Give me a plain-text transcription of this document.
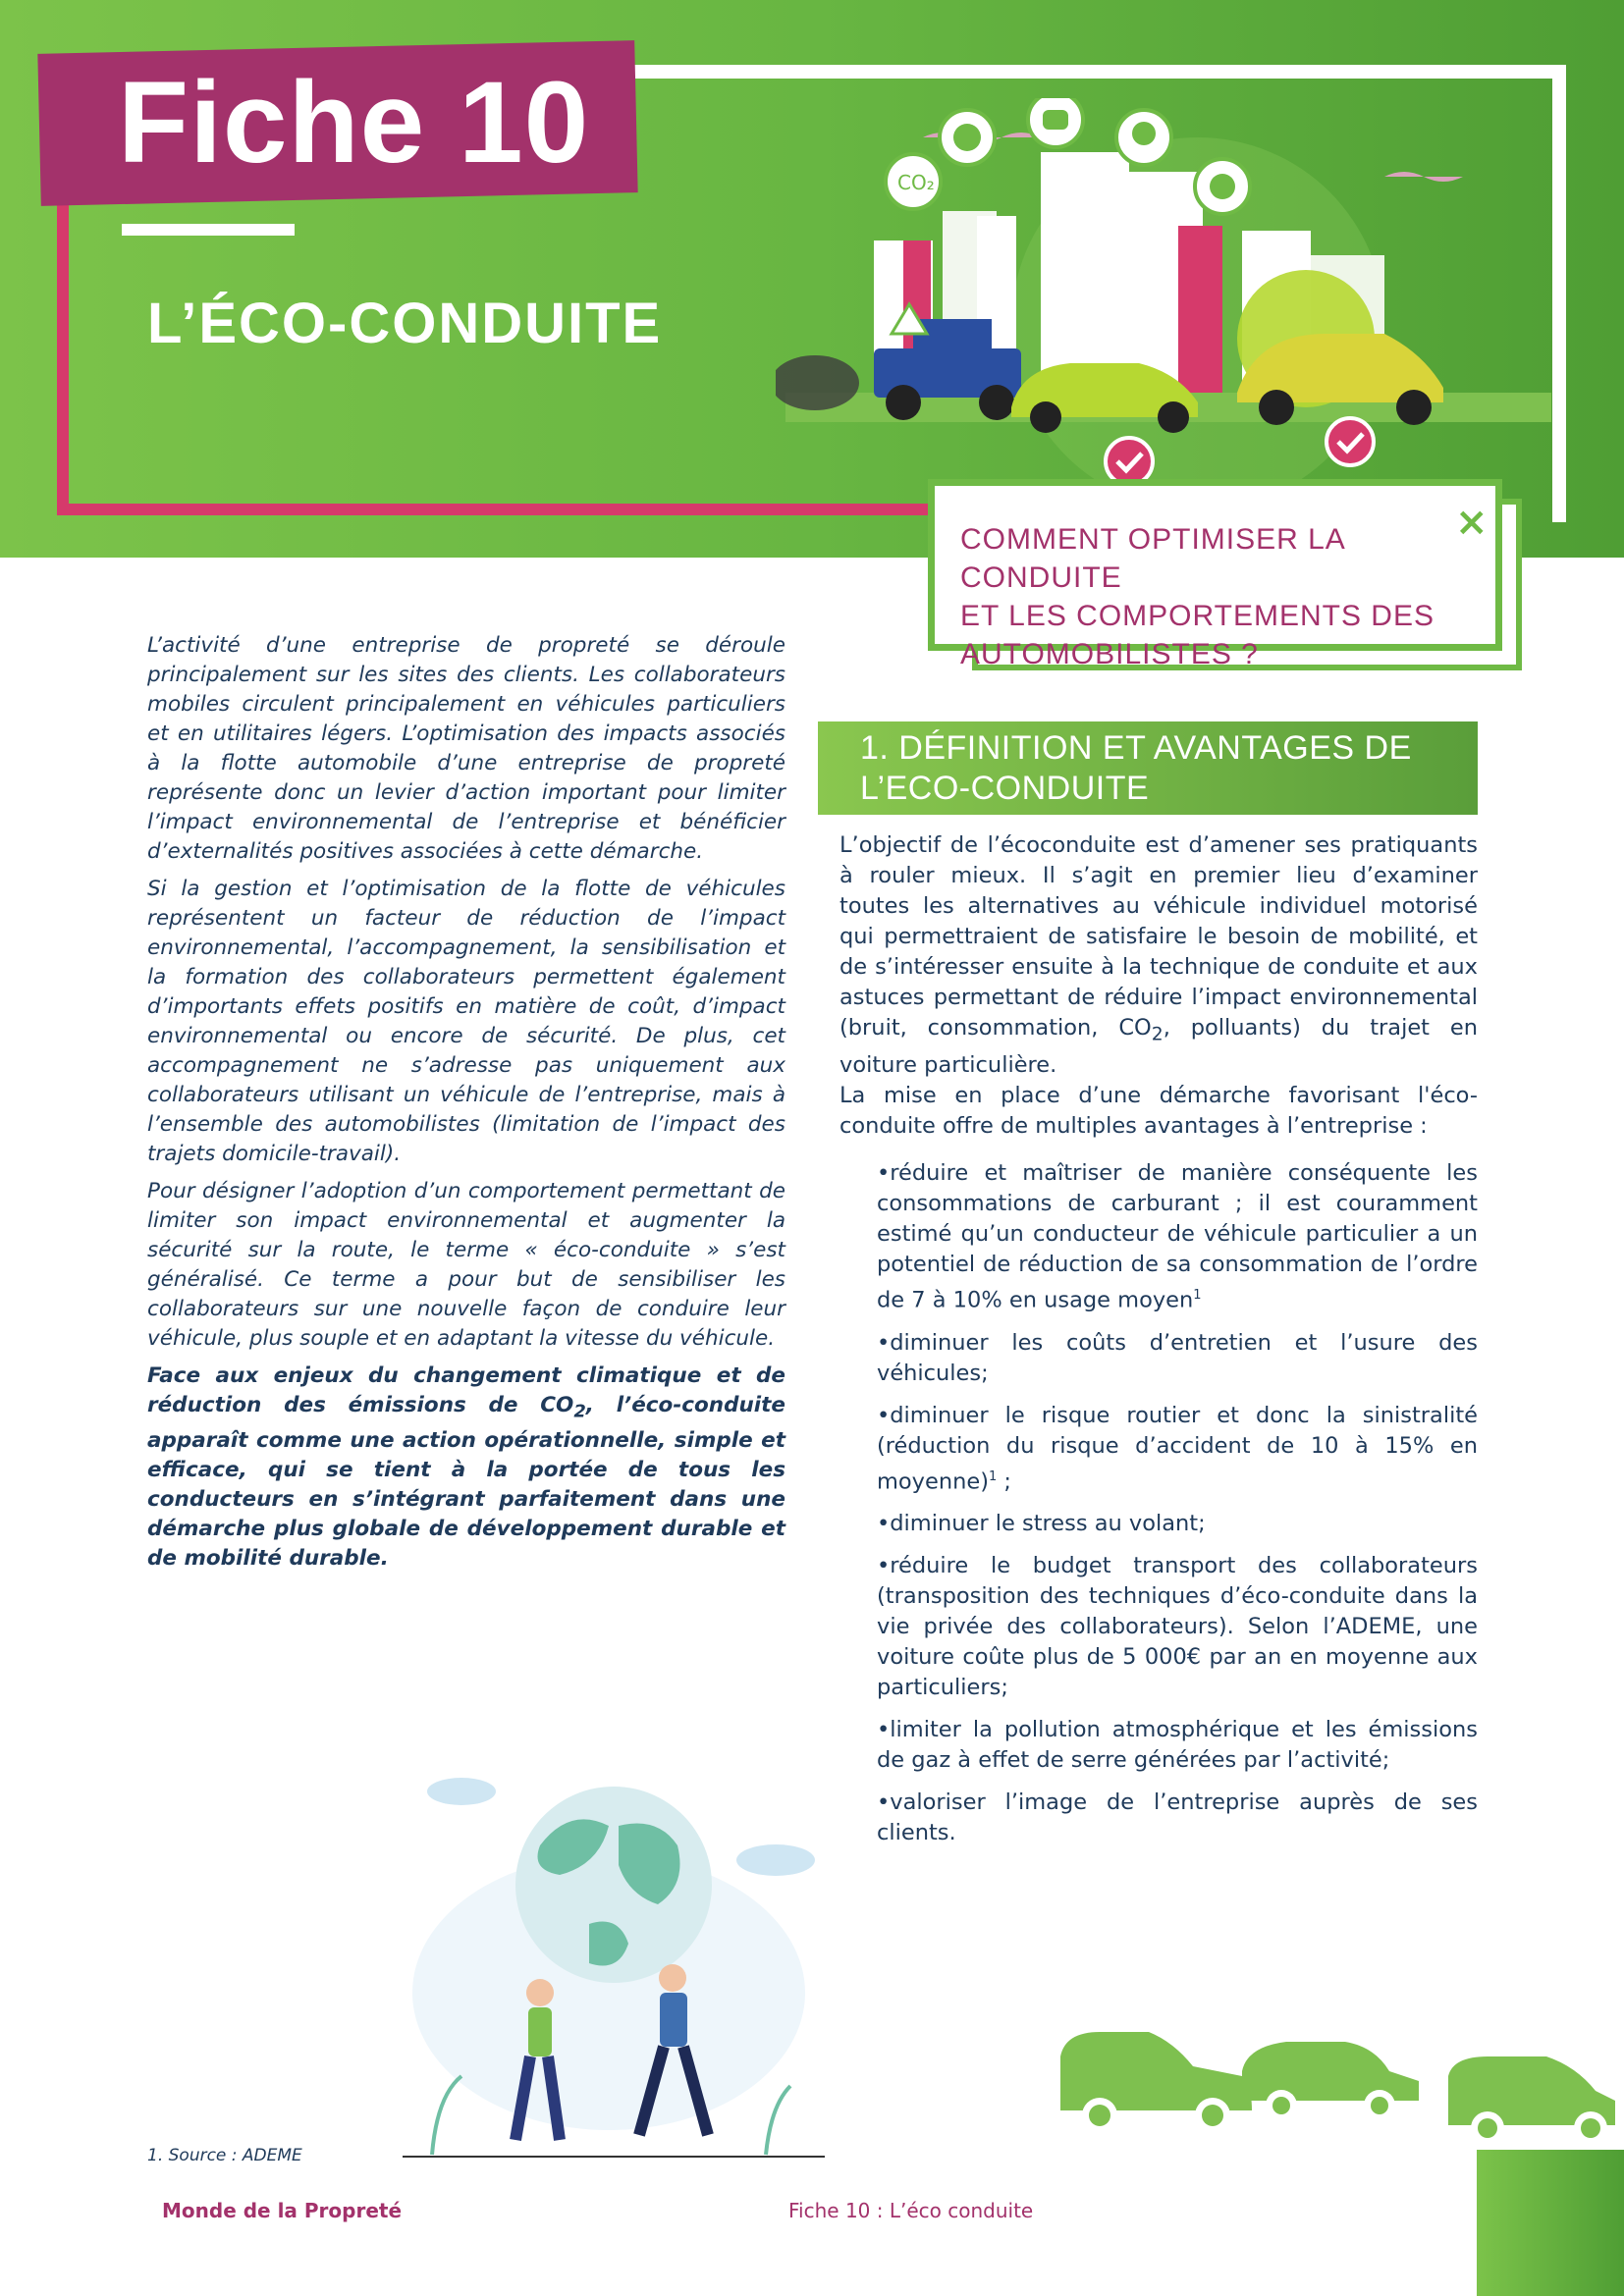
Fiche 10
L’ÉCO-CONDUITE
CO₂
COMMENT OPTIMISER LA CONDUITE
ET LES COMPORTEMENTS DES
AUTOMOBILISTES ?
×

L’activité d’une entreprise de propreté se déroule principalement sur les sites des clients. Les collaborateurs mobiles circulent principalement en véhicules particuliers et en utilitaires légers. L’optimisation des impacts associés à la flotte automobile d’une entreprise de propreté représente donc un levier d’action important pour limiter l’impact environnemental de l’entreprise et bénéficier d’externalités positives associées à cette démarche.

Si la gestion et l’optimisation de la flotte de véhicules représentent un facteur de réduction de l’impact environnemental, l’accompagnement, la sensibilisation et la formation des collaborateurs permettent également d’importants effets positifs en matière de coût, d’impact environnemental ou encore de sécurité. De plus, cet accompagnement ne s’adresse pas uniquement aux collaborateurs utilisant un véhicule de l’entreprise, mais à l’ensemble des automobilistes (limitation de l’impact des trajets domicile-travail).

Pour désigner l’adoption d’un comportement permettant de limiter son impact environnemental et augmenter la sécurité sur la route, le terme « éco-conduite » s’est généralisé. Ce terme a pour but de sensibiliser les collaborateurs sur une nouvelle façon de conduire leur véhicule, plus souple et en adaptant la vitesse du véhicule.

Face aux enjeux du changement climatique et de réduction des émissions de $CO_2$, l’éco-conduite apparaît comme une action opérationnelle, simple et efficace, qui se tient à la portée de tous les conducteurs en s’intégrant parfaitement dans une démarche plus globale de développement durable et de mobilité durable.

1. DÉFINITION ET AVANTAGES DE
L’ECO-CONDUITE

L’objectif de l’écoconduite est d’amener ses pratiquants à rouler mieux. Il s’agit en premier lieu d’examiner toutes les alternatives au véhicule individuel motorisé qui permettraient de satisfaire le besoin de mobilité, et de s’intéresser ensuite à la technique de conduite et aux astuces permettant de réduire l’impact environnemental (bruit, consommation, $CO_2$, polluants) du trajet en voiture particulière.

La mise en place d’une démarche favorisant l'éco-conduite offre de multiples avantages à l’entreprise :

•réduire et maîtriser de manière conséquente les consommations de carburant ; il est couramment estimé qu’un conducteur de véhicule particulier a un potentiel de réduction de sa consommation de l’ordre de 7 à 10% en usage moyen$^1$
•diminuer les coûts d’entretien et l’usure des véhicules;
•diminuer le risque routier et donc la sinistralité (réduction du risque d’accident de 10 à 15% en moyenne)$^1$ ;
•diminuer le stress au volant;
•réduire le budget transport des collaborateurs (transposition des techniques d’éco-conduite dans la vie privée des collaborateurs). Selon l’ADEME, une voiture coûte plus de 5 000€ par an en moyenne aux particuliers;
•limiter la pollution atmosphérique et les émissions de gaz à effet de serre générées par l’activité;
•valoriser l’image de l’entreprise auprès de ses clients.
1. Source : ADEME
Monde de la Propreté	Fiche 10 : L’éco conduite
